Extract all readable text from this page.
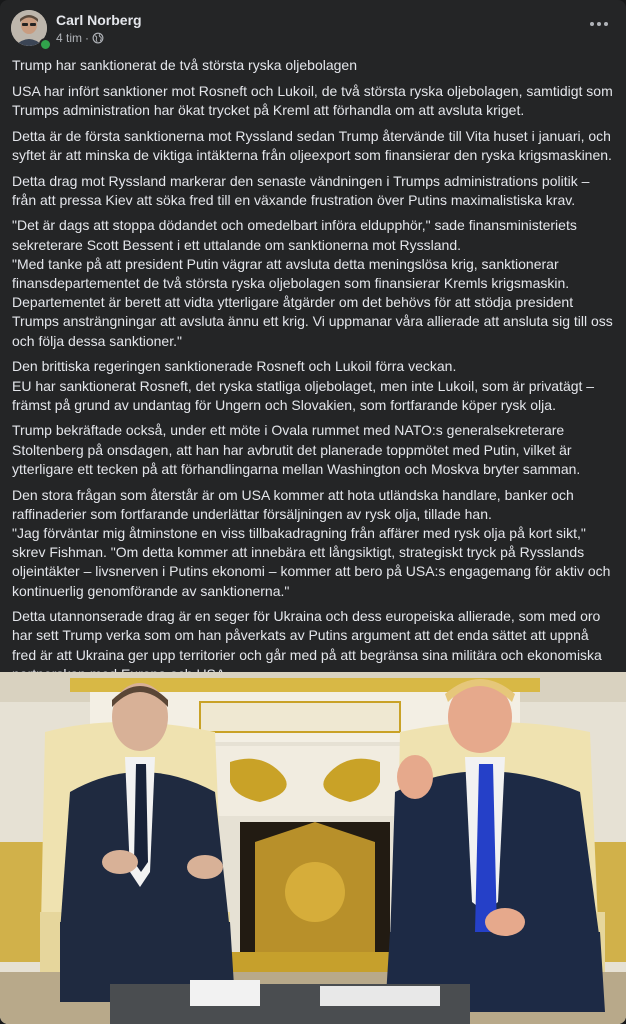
Carl Norberg
4 tim ·

Trump har sanktionerat de två största ryska oljebolagen

USA har infört sanktioner mot Rosneft och Lukoil, de två största ryska oljebolagen, samtidigt som Trumps administration har ökat trycket på Kreml att förhandla om att avsluta kriget.

Detta är de första sanktionerna mot Ryssland sedan Trump återvände till Vita huset i januari, och syftet är att minska de viktiga intäkterna från oljeexport som finansierar den ryska krigsmaskinen.

Detta drag mot Ryssland markerar den senaste vändningen i Trumps administrations politik – från att pressa Kiev att söka fred till en växande frustration över Putins maximalistiska krav.

"Det är dags att stoppa dödandet och omedelbart införa eldupphör," sade finansministeriets sekreterare Scott Bessent i ett uttalande om sanktionerna mot Ryssland.
"Med tanke på att president Putin vägrar att avsluta detta meningslösa krig, sanktionerar finansdepartementet de två största ryska oljebolagen som finansierar Kremls krigsmaskin. Departementet är berett att vidta ytterligare åtgärder om det behövs för att stödja president Trumps ansträngningar att avsluta ännu ett krig. Vi uppmanar våra allierade att ansluta sig till oss och följa dessa sanktioner."

Den brittiska regeringen sanktionerade Rosneft och Lukoil förra veckan.
EU har sanktionerat Rosneft, det ryska statliga oljebolaget, men inte Lukoil, som är privatägt – främst på grund av undantag för Ungern och Slovakien, som fortfarande köper rysk olja.

Trump bekräftade också, under ett möte i Ovala rummet med NATO:s generalsekreterare Stoltenberg på onsdagen, att han har avbrutit det planerade toppmötet med Putin, vilket är ytterligare ett tecken på att förhandlingarna mellan Washington och Moskva bryter samman.

Den stora frågan som återstår är om USA kommer att hota utländska handlare, banker och raffinaderier som fortfarande underlättar försäljningen av rysk olja, tillade han.
"Jag förväntar mig åtminstone en viss tillbakadragning från affärer med rysk olja på kort sikt," skrev Fishman. "Om detta kommer att innebära ett långsiktigt, strategiskt tryck på Rysslands oljeintäkter – livsnerven i Putins ekonomi – kommer att bero på USA:s engagemang för aktiv och kontinuerlig genomförande av sanktionerna."

Detta utannonserade drag är en seger för Ukraina och dess europeiska allierade, som med oro har sett Trump verka som om han påverkats av Putins argument att det enda sättet att uppnå fred är att Ukraina ger upp territorier och går med på att begränsa sina militära och ekonomiska
